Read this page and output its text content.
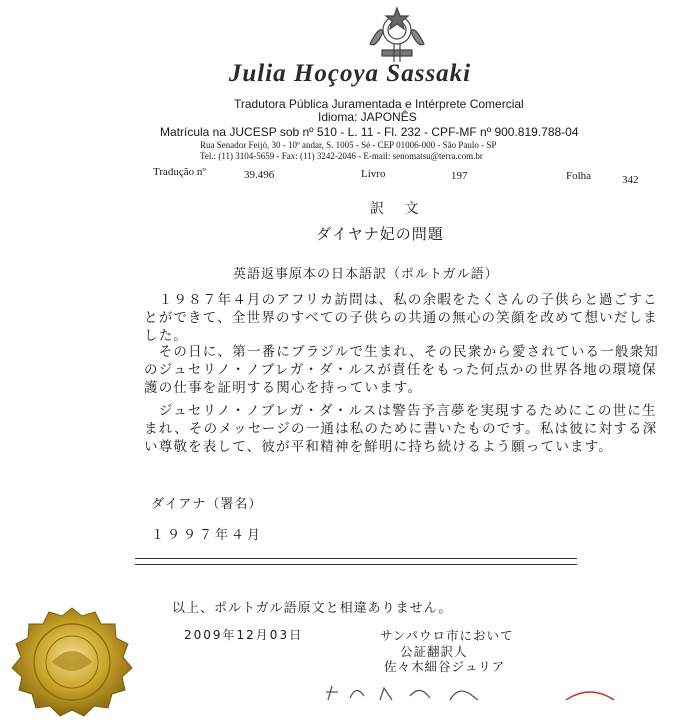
Julia Hoçoya Sassaki
Tradutora Pública Juramentada e Intérprete Comercial
Idioma: JAPONÊS
Matrícula na JUCESP sob nº 510 - L. 11 - Fl. 232 - CPF-MF nº 900.819.788-04
Rua Senador Feijó, 30 - 10º andar, S. 1005 - Sé - CEP 01006-000 - São Paulo - SP
Tel.: (11) 3104-5659 - Fax: (11) 3242-2046 - E-mail: senomatsu@terra.com.br
Tradução nº	39.496	Livro	197	Folha	342
訳 文
ダイヤナ妃の問題
英語返事原本の日本語訳（ポルトガル語）
　１９８７年４月のアフリカ訪問は、私の余暇をたくさんの子供らと過ごすことができて、全世界のすべての子供らの共通の無心の笑顔を改めて想いだしました。
　その日に、第一番にブラジルで生まれ、その民衆から愛されている一般衆知のジュセリノ・ノブレガ・ダ・ルスが責任をもった何点かの世界各地の環境保護の仕事を証明する関心を持っています。
　ジュセリノ・ノブレガ・ダ・ルスは警告予言夢を実現するためにこの世に生まれ、そのメッセージの一通は私のために書いたものです。私は彼に対する深い尊敬を表して、彼が平和精神を鮮明に持ち続けるよう願っています。
ダイアナ（署名）
１９９７年４月
以上、ポルトガル語原文と相違ありません。
2009年12月03日	サンパウロ市において
公証翻訳人
佐々木細谷ジュリア
